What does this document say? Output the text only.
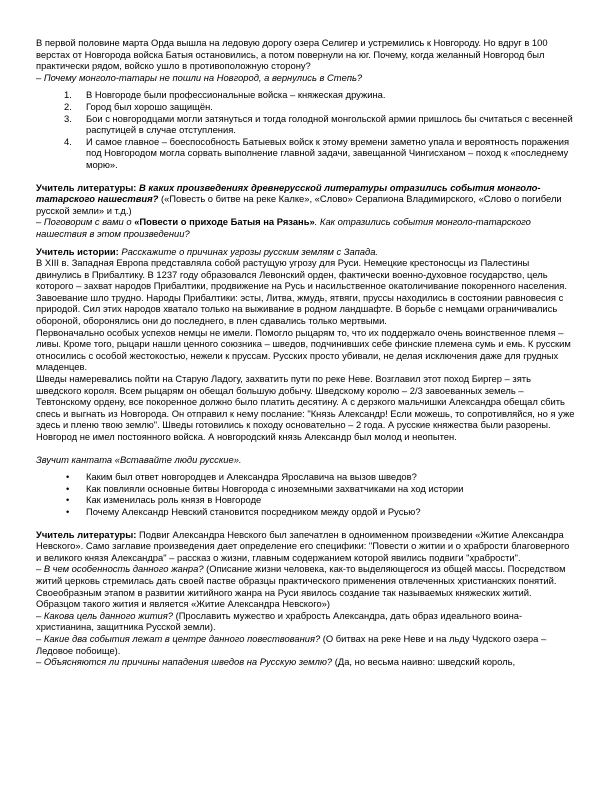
В первой половине марта Орда вышла на ледовую дорогу озера Селигер и устремились к Новгороду. Но вдруг в 100 верстах от Новгорода войска Батыя остановились, а потом повернули на юг. Почему, когда желанный Новгород был практически рядом, войско ушло в противоположную сторону?

– Почему монголо-татары не пошли на Новгород, а вернулись в Степь?

1. В Новгороде были профессиональные войска – княжеская дружина.
2. Город был хорошо защищён.
3. Бои с новгородцами могли затянуться и тогда голодной монгольской армии пришлось бы считаться с весенней распутицей в случае отступления.
4. И самое главное – боеспособность Батыевых войск к этому времени заметно упала и вероятность поражения под Новгородом могла сорвать выполнение главной задачи, завещанной Чингисханом – поход к «последнему морю».

Учитель литературы: В каких произведениях древнерусской литературы отразились события монголо-татарского нашествия? («Повесть о битве на реке Калке», «Слово» Серапиона Владимирского, «Слово о погибели русской земли» и т.д.)

– Поговорим с вами о «Повести о приходе Батыя на Рязань». Как отразились события монголо-татарского нашествия в этом произведении?

Учитель истории: Расскажите о причинах угрозы русским землям с Запада.

В XIII в. Западная Европа представляла собой растущую угрозу для Руси. Немецкие крестоносцы из Палестины двинулись в Прибалтику. В 1237 году образовался Левонский орден, фактически военно-духовное государство, цель которого – захват народов Прибалтики, продвижение на Русь и насильственное окатоличивание покоренного населения. Завоевание шло трудно. Народы Прибалтики: эсты, Литва, жмудь, ятвяги, пруссы находились в состоянии равновесия с природой. Сил этих народов хватало только на выживание в родном ландшафте. В борьбе с немцами ограничивались обороной, оборонялись они до последнего, в плен сдавались только мертвыми.

Первоначально особых успехов немцы не имели. Помогло рыцарям то, что их поддержало очень воинственное племя – ливы. Кроме того, рыцари нашли ценного союзника – шведов, подчинивших себе финские племена сумь и емь. К русским относились с особой жестокостью, нежели к пруссам. Русских просто убивали, не делая исключения даже для грудных младенцев.

Шведы намеревались пойти на Старую Ладогу, захватить пути по реке Неве. Возглавил этот поход Биргер – зять шведского короля. Всем рыцарям он обещал большую добычу. Шведскому королю – 2/3 завоеванных земель – Тевтонскому ордену, все покоренное должно было платить десятину. А с дерзкого мальчишки Александра обещал сбить спесь и выгнать из Новгорода. Он отправил к нему послание: "Князь Александр! Если можешь, то сопротивляйся, но я уже здесь и пленю твою землю". Шведы готовились к походу основательно – 2 года. А русские княжества были разорены. Новгород не имел постоянного войска. А новгородский князь Александр был молод и неопытен.

Звучит кантата «Вставайте люди русские».

• Каким был ответ новгородцев и Александра Ярославича на вызов шведов?
• Как повлияли основные битвы Новгорода с иноземными захватчиками на ход истории
• Как изменилась роль князя в Новгороде
• Почему Александр Невский становится посредником между ордой и Русью?

Учитель литературы: Подвиг Александра Невского был запечатлен в одноименном произведении «Житие Александра Невского». Само заглавие произведения дает определение его специфики: "Повести о житии и о храбрости благоверного и великого князя Александра" – рассказ о жизни, главным содержанием которой явились подвиги "храбрости".

– В чем особенность данного жанра? (Описание жизни человека, как-то выделяющегося из общей массы. Посредством житий церковь стремилась дать своей пастве образцы практического применения отвлеченных христианских понятий. Своеобразным этапом в развитии житийного жанра на Руси явилось создание так называемых княжеских житий. Образцом такого жития и является «Житие Александра Невского»)

– Какова цель данного жития? (Прославить мужество и храбрость Александра, дать образ идеального воина-христианина, защитника Русской земли).

– Какие два события лежат в центре данного повествования? (О битвах на реке Неве и на льду Чудского озера – Ледовое побоище).

– Объясняются ли причины нападения шведов на Русскую землю? (Да, но весьма наивно: шведский король,
